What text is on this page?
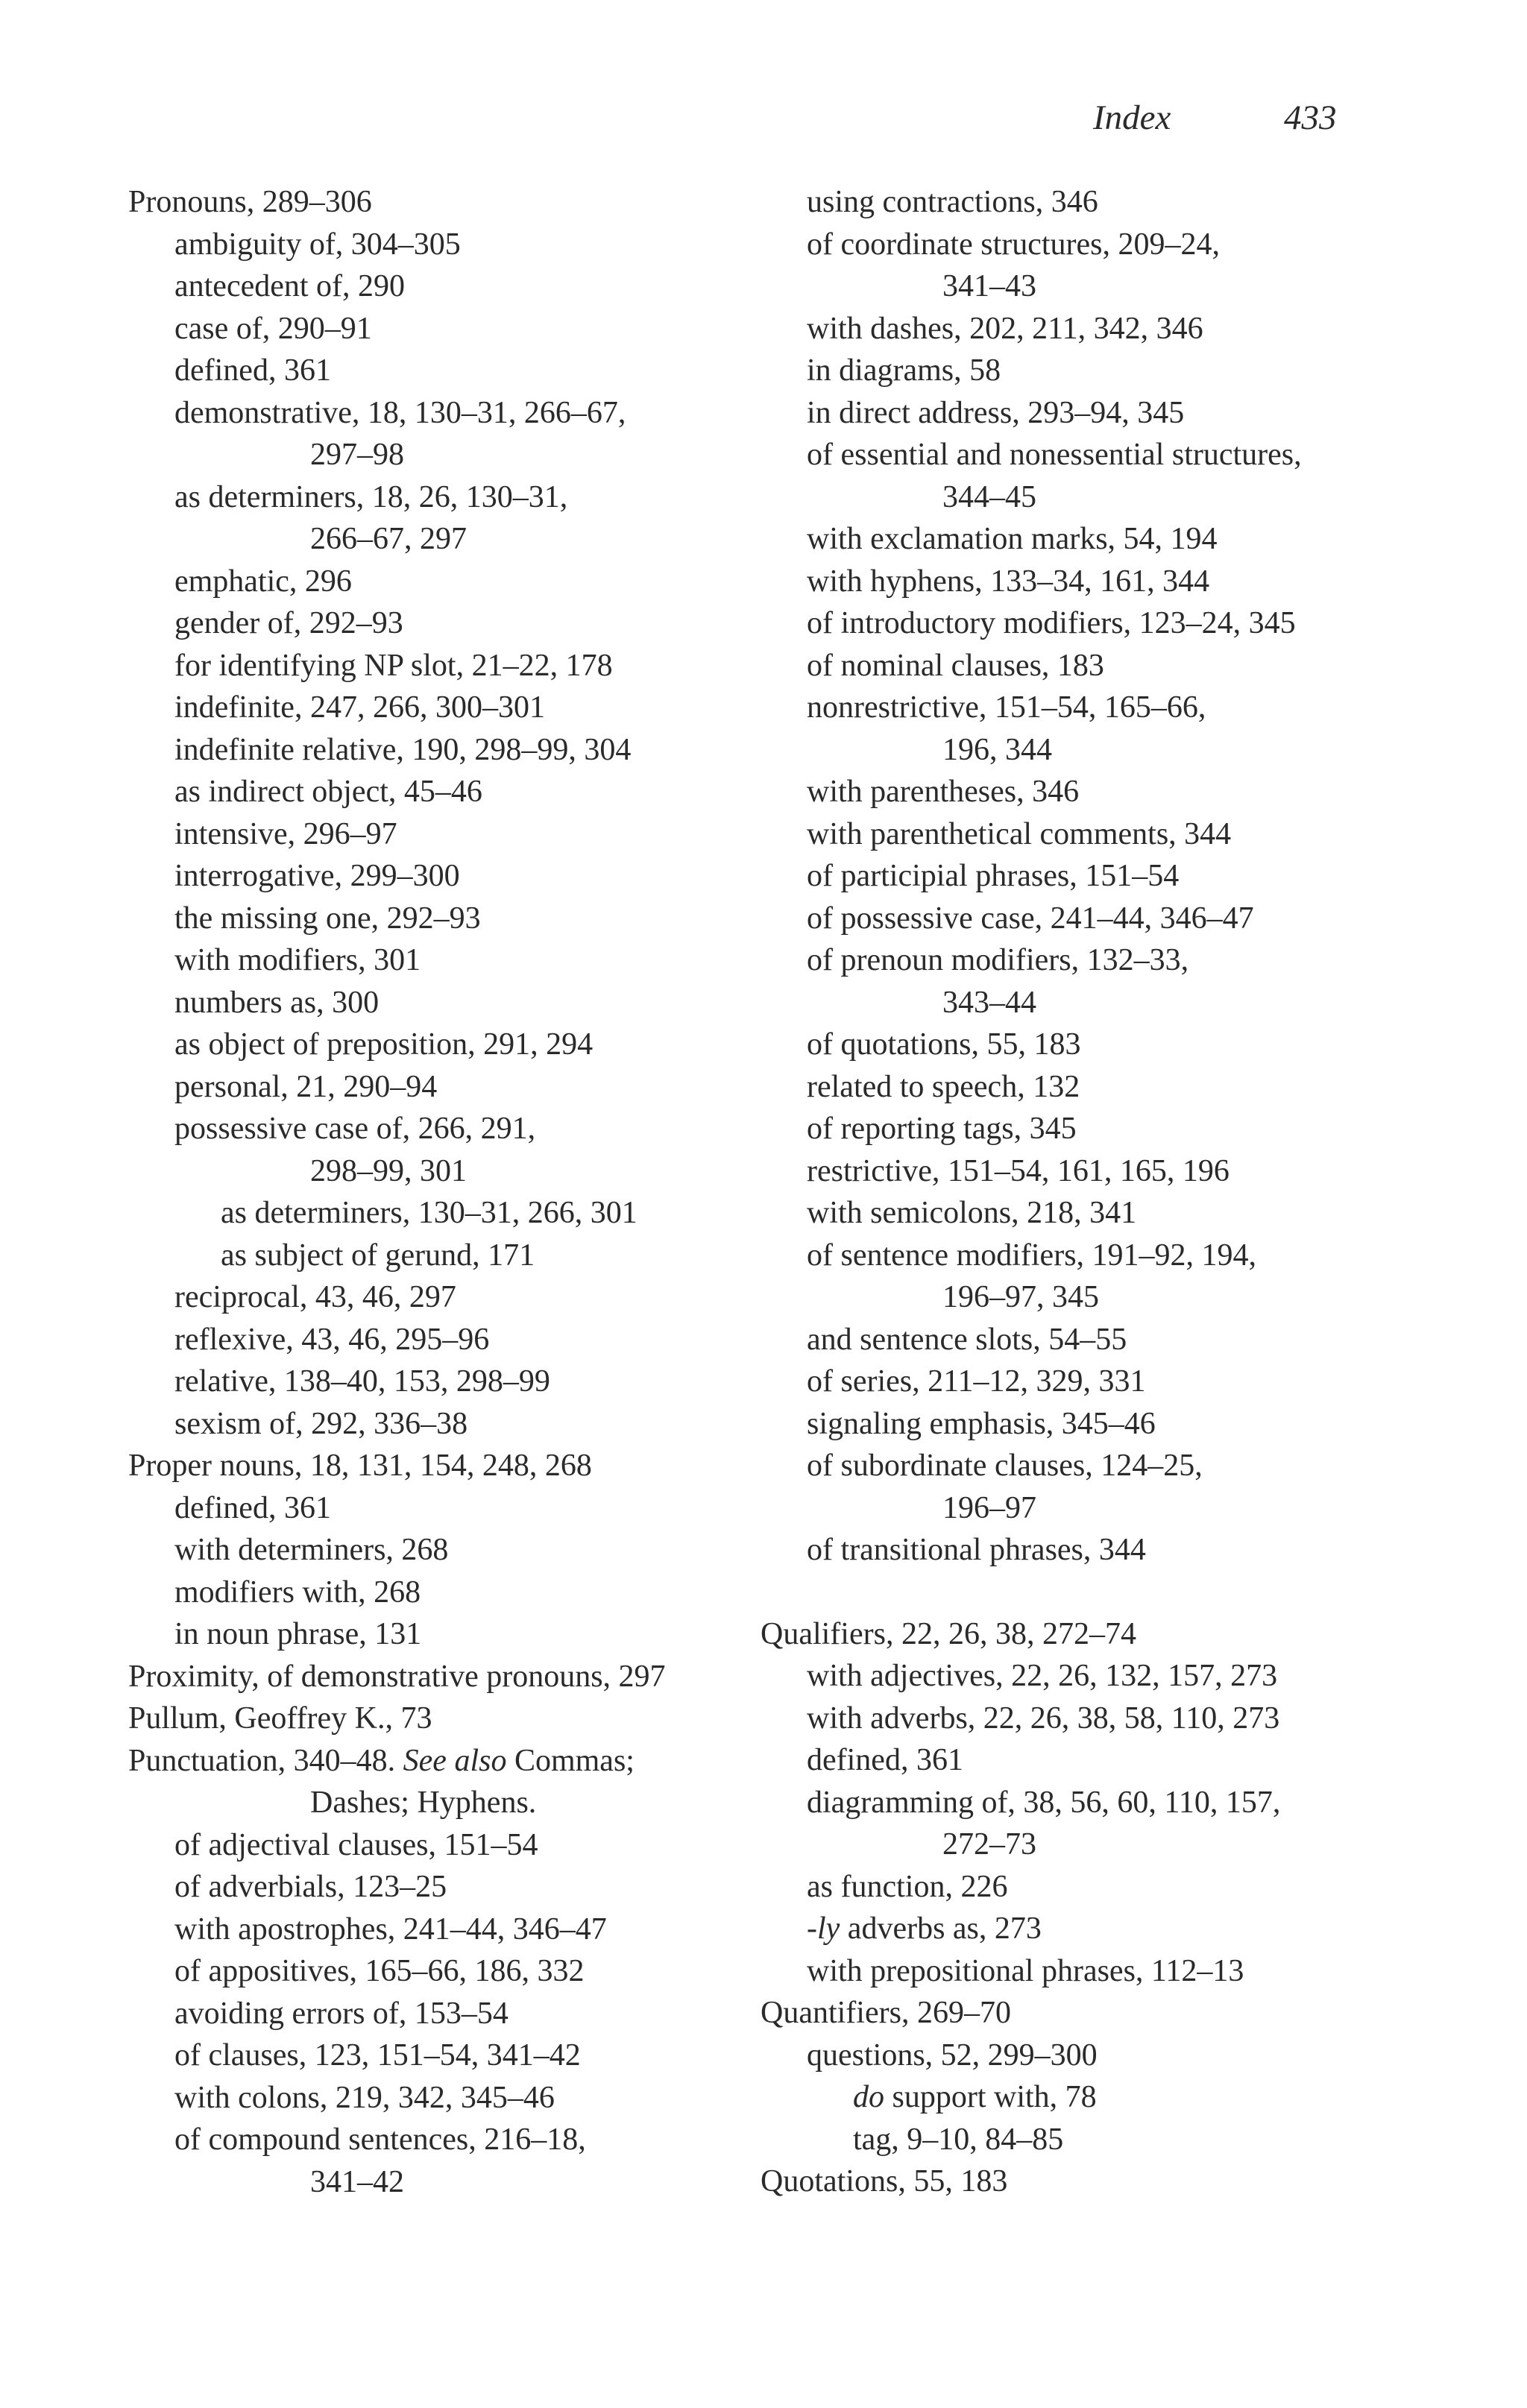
Index	433
Pronouns, 289–306
ambiguity of, 304–305
antecedent of, 290
case of, 290–91
defined, 361
demonstrative, 18, 130–31, 266–67,
297–98
as determiners, 18, 26, 130–31,
266–67, 297
emphatic, 296
gender of, 292–93
for identifying NP slot, 21–22, 178
indefinite, 247, 266, 300–301
indefinite relative, 190, 298–99, 304
as indirect object, 45–46
intensive, 296–97
interrogative, 299–300
the missing one, 292–93
with modifiers, 301
numbers as, 300
as object of preposition, 291, 294
personal, 21, 290–94
possessive case of, 266, 291,
298–99, 301
as determiners, 130–31, 266, 301
as subject of gerund, 171
reciprocal, 43, 46, 297
reflexive, 43, 46, 295–96
relative, 138–40, 153, 298–99
sexism of, 292, 336–38
Proper nouns, 18, 131, 154, 248, 268
defined, 361
with determiners, 268
modifiers with, 268
in noun phrase, 131
Proximity, of demonstrative pronouns, 297
Pullum, Geoffrey K., 73
Punctuation, 340–48. See also Commas;
Dashes; Hyphens.
of adjectival clauses, 151–54
of adverbials, 123–25
with apostrophes, 241–44, 346–47
of appositives, 165–66, 186, 332
avoiding errors of, 153–54
of clauses, 123, 151–54, 341–42
with colons, 219, 342, 345–46
of compound sentences, 216–18,
341–42
using contractions, 346
of coordinate structures, 209–24,
341–43
with dashes, 202, 211, 342, 346
in diagrams, 58
in direct address, 293–94, 345
of essential and nonessential structures,
344–45
with exclamation marks, 54, 194
with hyphens, 133–34, 161, 344
of introductory modifiers, 123–24, 345
of nominal clauses, 183
nonrestrictive, 151–54, 165–66,
196, 344
with parentheses, 346
with parenthetical comments, 344
of participial phrases, 151–54
of possessive case, 241–44, 346–47
of prenoun modifiers, 132–33,
343–44
of quotations, 55, 183
related to speech, 132
of reporting tags, 345
restrictive, 151–54, 161, 165, 196
with semicolons, 218, 341
of sentence modifiers, 191–92, 194,
196–97, 345
and sentence slots, 54–55
of series, 211–12, 329, 331
signaling emphasis, 345–46
of subordinate clauses, 124–25,
196–97
of transitional phrases, 344
Qualifiers, 22, 26, 38, 272–74
with adjectives, 22, 26, 132, 157, 273
with adverbs, 22, 26, 38, 58, 110, 273
defined, 361
diagramming of, 38, 56, 60, 110, 157,
272–73
as function, 226
-ly adverbs as, 273
with prepositional phrases, 112–13
Quantifiers, 269–70
questions, 52, 299–300
do support with, 78
tag, 9–10, 84–85
Quotations, 55, 183
